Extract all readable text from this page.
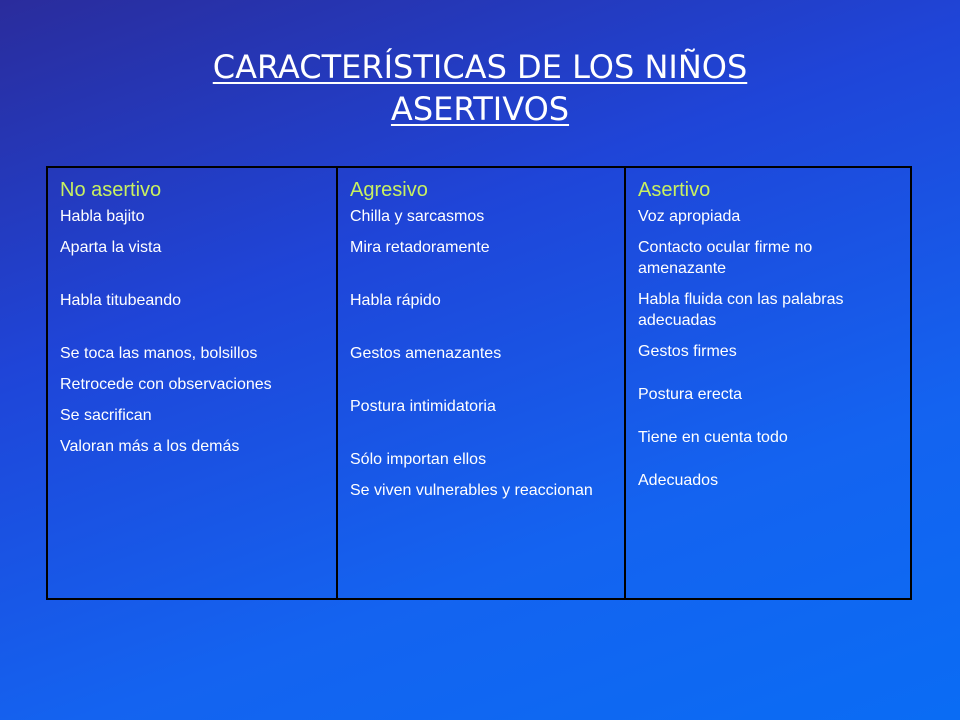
CARACTERÍSTICAS DE LOS NIÑOS
ASERTIVOS
No asertivo
Habla bajito
Aparta la vista
Habla titubeando
Se toca las manos, bolsillos
Retrocede con observaciones
Se sacrifican
Valoran más a los demás
Agresivo
Chilla y sarcasmos
Mira retadoramente
Habla rápido
Gestos amenazantes
Postura intimidatoria
Sólo importan ellos
Se viven vulnerables y reaccionan
Asertivo
Voz apropiada
Contacto ocular firme no amenazante
Habla fluida con las palabras adecuadas
Gestos firmes
Postura erecta
Tiene en cuenta todo
Adecuados
